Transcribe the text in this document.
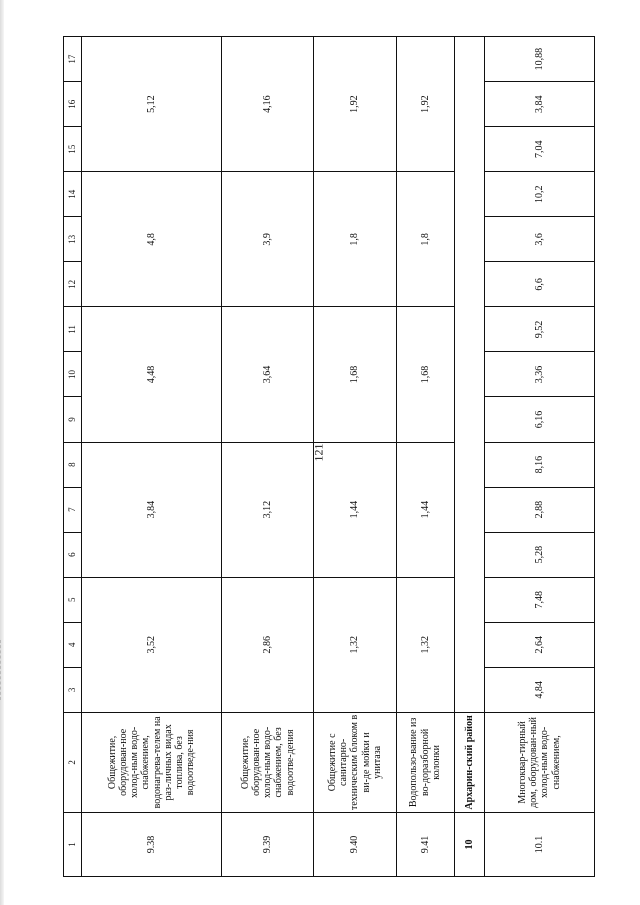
121
1	2	3	4	5	6	7	8	9	10	11	12	13	14	15	16	17
9.38	Общежитие, оборудован-ное холод-ным водо-снабжением, водонагрева-телем на раз-личных видах топлива, без водоотведе-ния	3,52			3,84			4,48			4,8			5,12		
9.39	Общежитие, оборудован-ное холод-ным водо-снабжением, без водоотве-дения	2,86			3,12			3,64			3,9			4,16		
9.40	Общежитие с санитарно-техническим блоком в ви-де мойки и унитаза	1,32			1,44			1,68			1,8			1,92		
9.41	Водопользо-вание из во-доразборной колонки	1,32			1,44			1,68			1,8			1,92		
10	Архарин-ский район															
10.1	Многоквар-тирный дом, оборудован-ный холод-ным водо-снабжением,	4,84	2,64	7,48	5,28	2,88	8,16	6,16	3,36	9,52	6,6	3,6	10,2	7,04	3,84	10,88
